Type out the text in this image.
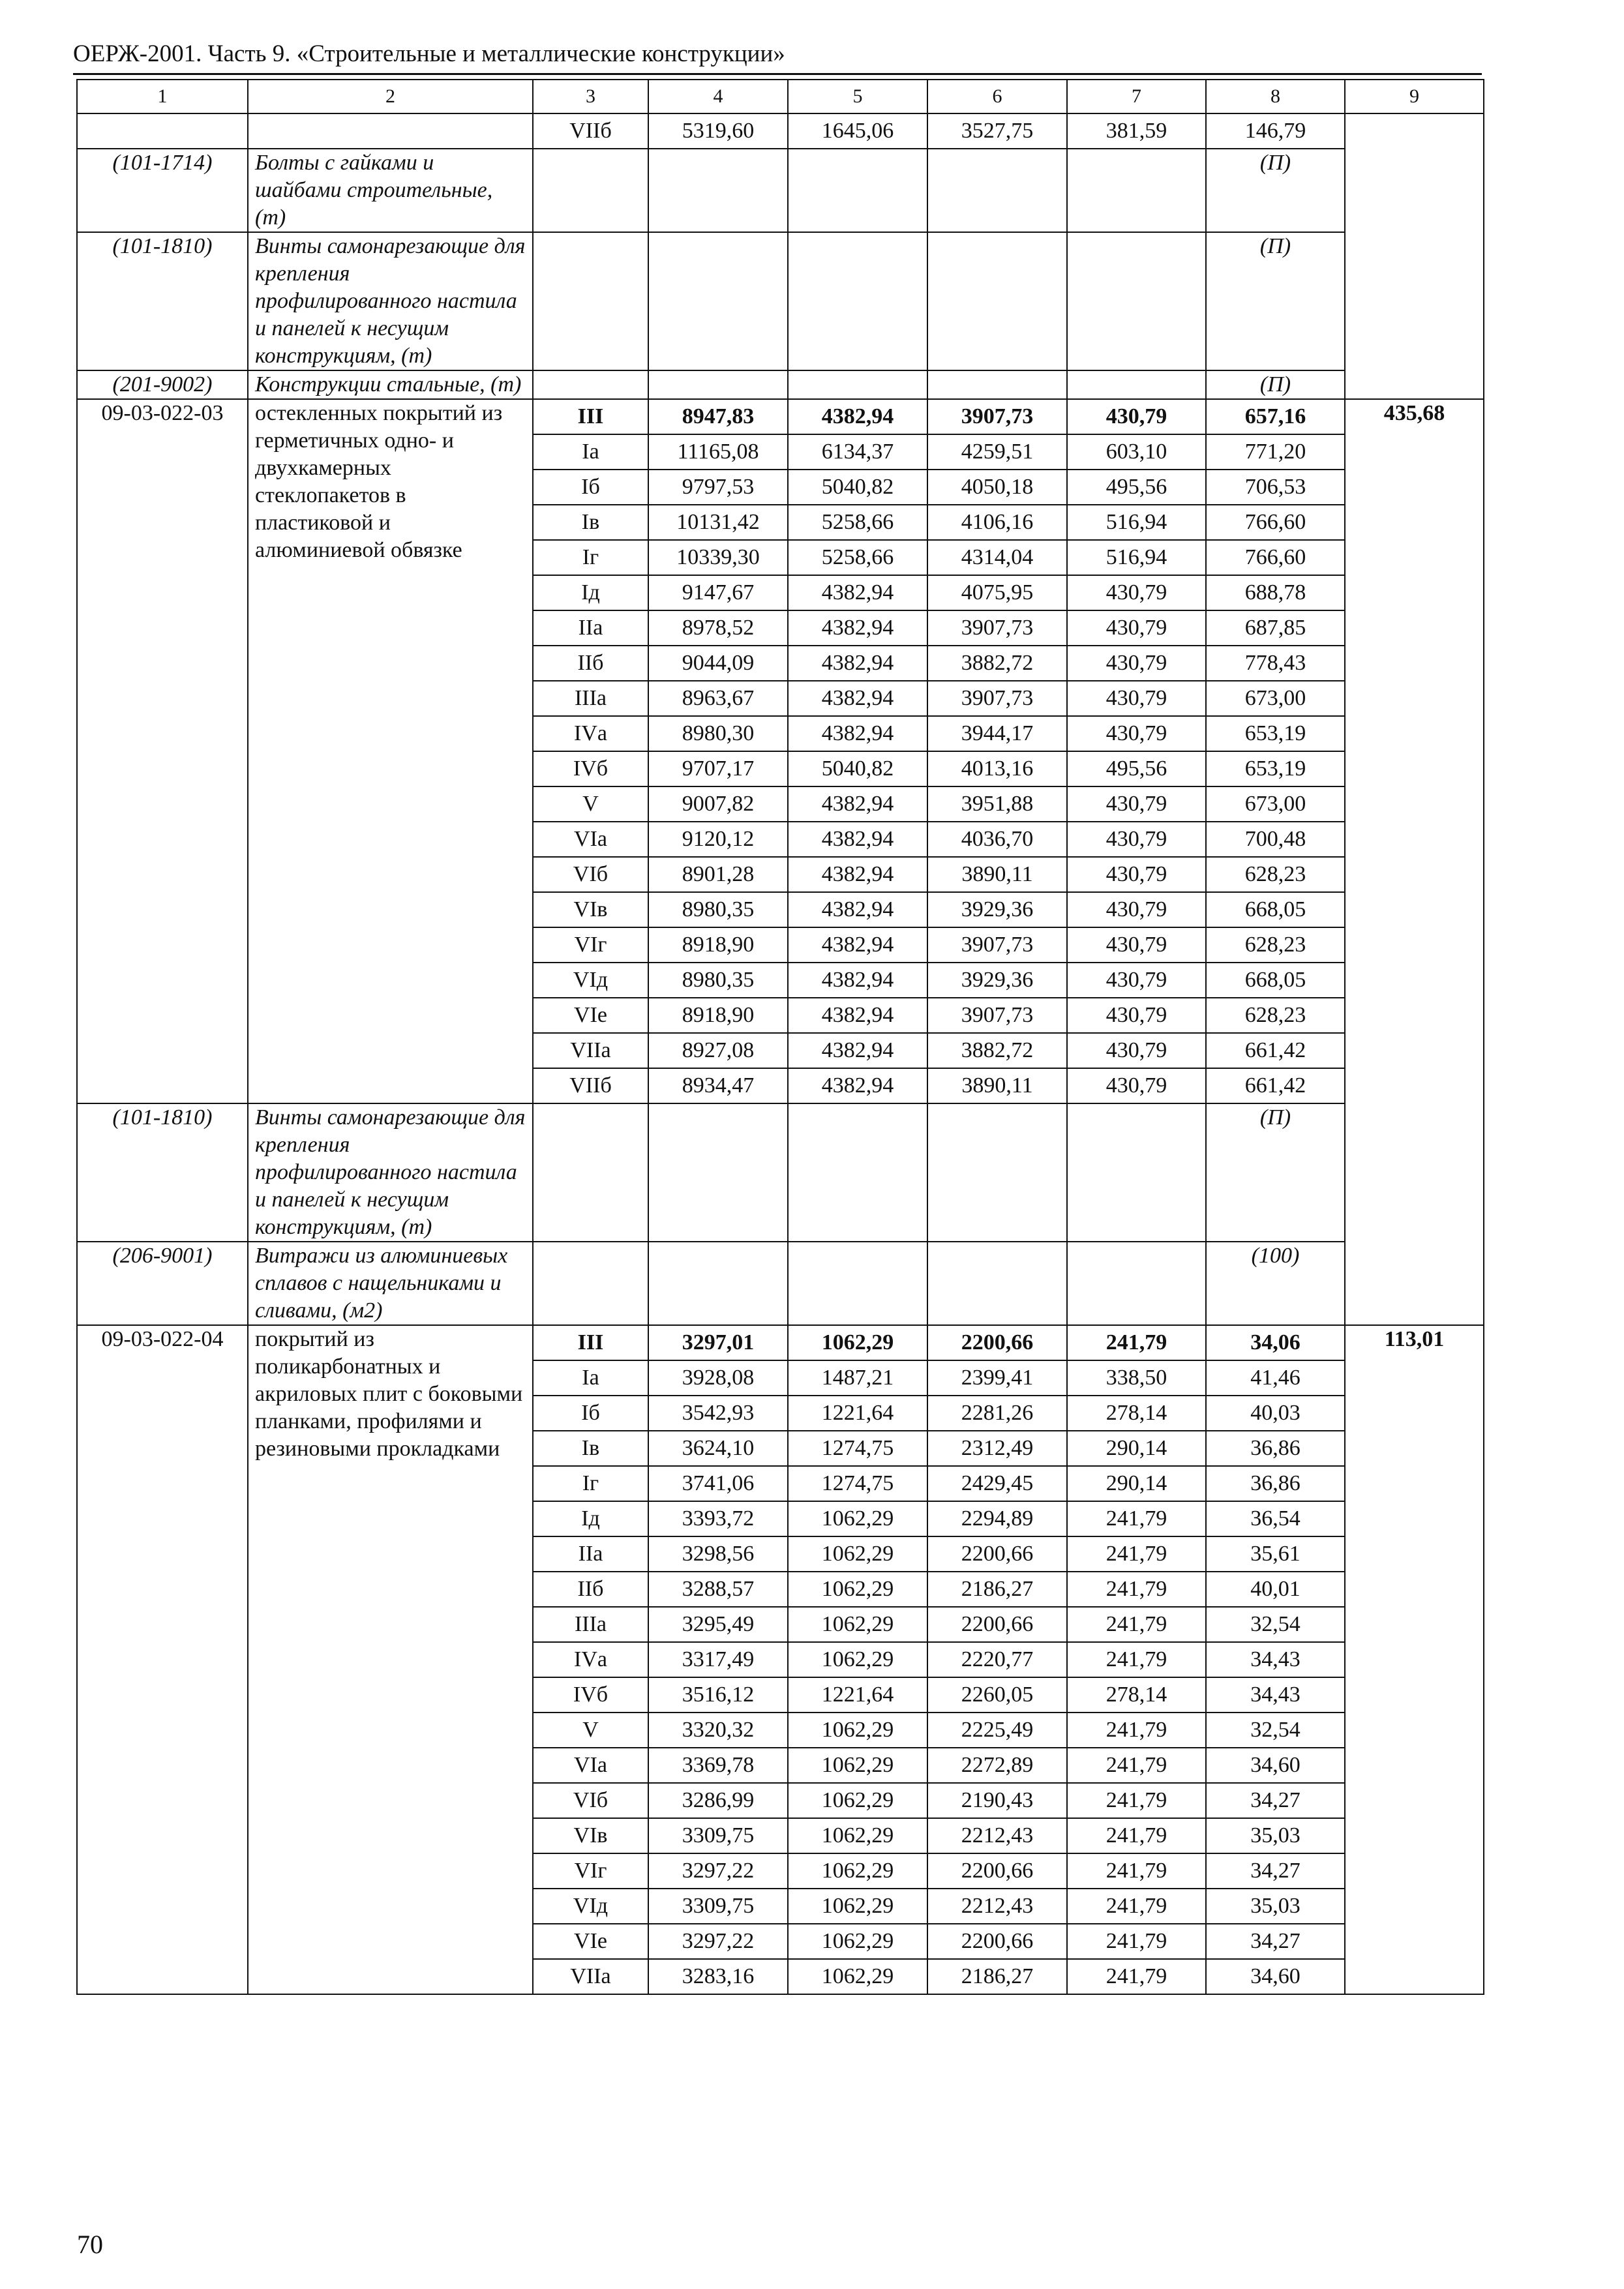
ОЕРЖ-2001. Часть 9. «Строительные и металлические конструкции»
1	2	3	4	5	6	7	8	9
		VIIб	5319,60	1645,06	3527,75	381,59	146,79	
(101-1714)	Болты с гайками и шайбами строительные, (т)						(П)	
(101-1810)	Винты самонарезающие для крепления профилированного настила и панелей к несущим конструкциям, (т)						(П)	
(201-9002)	Конструкции стальные, (т)						(П)	
09-03-022-03	остекленных покрытий из герметичных одно- и двухкамерных стеклопакетов в пластиковой и алюминиевой обвязке	III	8947,83	4382,94	3907,73	430,79	657,16	435,68
		Iа	11165,08	6134,37	4259,51	603,10	771,20	
		Iб	9797,53	5040,82	4050,18	495,56	706,53	
		Iв	10131,42	5258,66	4106,16	516,94	766,60	
		Iг	10339,30	5258,66	4314,04	516,94	766,60	
		Iд	9147,67	4382,94	4075,95	430,79	688,78	
		IIа	8978,52	4382,94	3907,73	430,79	687,85	
		IIб	9044,09	4382,94	3882,72	430,79	778,43	
		IIIа	8963,67	4382,94	3907,73	430,79	673,00	
		IVа	8980,30	4382,94	3944,17	430,79	653,19	
		IVб	9707,17	5040,82	4013,16	495,56	653,19	
		V	9007,82	4382,94	3951,88	430,79	673,00	
		VIа	9120,12	4382,94	4036,70	430,79	700,48	
		VIб	8901,28	4382,94	3890,11	430,79	628,23	
		VIв	8980,35	4382,94	3929,36	430,79	668,05	
		VIг	8918,90	4382,94	3907,73	430,79	628,23	
		VIд	8980,35	4382,94	3929,36	430,79	668,05	
		VIе	8918,90	4382,94	3907,73	430,79	628,23	
		VIIа	8927,08	4382,94	3882,72	430,79	661,42	
		VIIб	8934,47	4382,94	3890,11	430,79	661,42	
(101-1810)	Винты самонарезающие для крепления профилированного настила и панелей к несущим конструкциям, (т)						(П)	
(206-9001)	Витражи из алюминиевых сплавов с нащельниками и сливами, (м2)						(100)	
09-03-022-04	покрытий из поликарбонатных и акриловых плит с боковыми планками, профилями и резиновыми прокладками	III	3297,01	1062,29	2200,66	241,79	34,06	113,01
		Iа	3928,08	1487,21	2399,41	338,50	41,46	
		Iб	3542,93	1221,64	2281,26	278,14	40,03	
		Iв	3624,10	1274,75	2312,49	290,14	36,86	
		Iг	3741,06	1274,75	2429,45	290,14	36,86	
		Iд	3393,72	1062,29	2294,89	241,79	36,54	
		IIа	3298,56	1062,29	2200,66	241,79	35,61	
		IIб	3288,57	1062,29	2186,27	241,79	40,01	
		IIIа	3295,49	1062,29	2200,66	241,79	32,54	
		IVа	3317,49	1062,29	2220,77	241,79	34,43	
		IVб	3516,12	1221,64	2260,05	278,14	34,43	
		V	3320,32	1062,29	2225,49	241,79	32,54	
		VIа	3369,78	1062,29	2272,89	241,79	34,60	
		VIб	3286,99	1062,29	2190,43	241,79	34,27	
		VIв	3309,75	1062,29	2212,43	241,79	35,03	
		VIг	3297,22	1062,29	2200,66	241,79	34,27	
		VIд	3309,75	1062,29	2212,43	241,79	35,03	
		VIе	3297,22	1062,29	2200,66	241,79	34,27	
		VIIа	3283,16	1062,29	2186,27	241,79	34,60	
70
